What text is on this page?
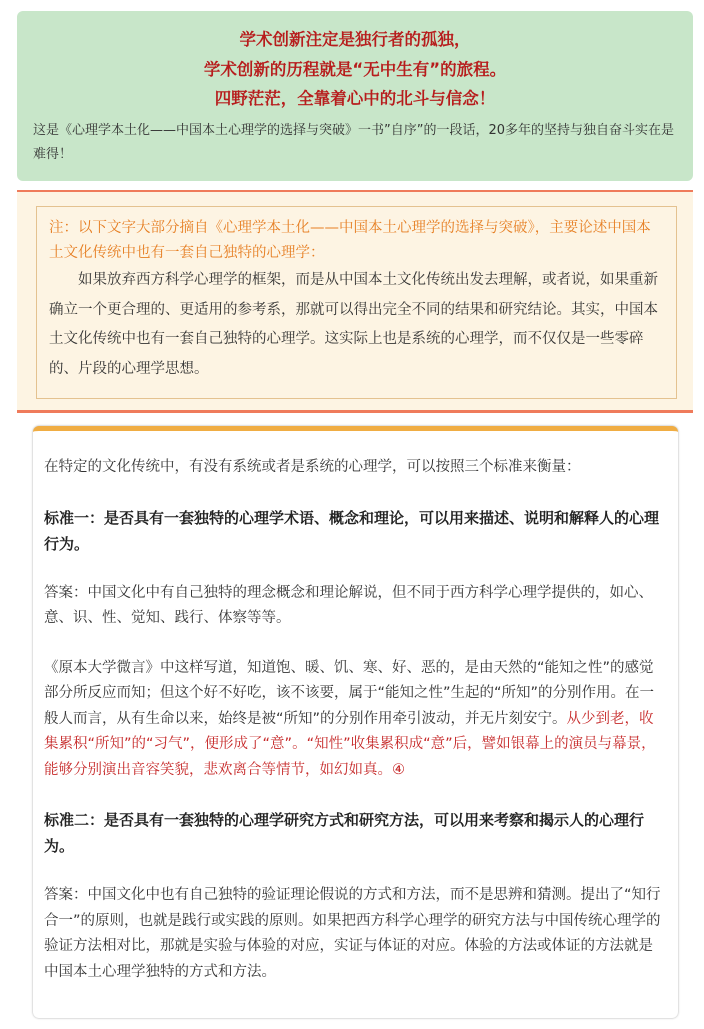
学术创新注定是独行者的孤独，

学术创新的历程就是“无中生有”的旅程。

四野茫茫，全靠着心中的北斗与信念！

这是《心理学本土化——中国本土心理学的选择与突破》一书”自序”的一段话，20多年的坚持与独自奋斗实在是难得！

注：以下文字大部分摘自《心理学本土化——中国本土心理学的选择与突破》，主要论述中国本土文化传统中也有一套自己独特的心理学：

如果放弃西方科学心理学的框架，而是从中国本土文化传统出发去理解，或者说，如果重新确立一个更合理的、更适用的参考系，那就可以得出完全不同的结果和研究结论。其实，中国本土文化传统中也有一套自己独特的心理学。这实际上也是系统的心理学，而不仅仅是一些零碎的、片段的心理学思想。

在特定的文化传统中，有没有系统或者是系统的心理学，可以按照三个标准来衡量：

标准一：是否具有一套独特的心理学术语、概念和理论，可以用来描述、说明和解释人的心理行为。

答案：中国文化中有自己独特的理念概念和理论解说，但不同于西方科学心理学提供的，如心、意、识、性、觉知、践行、体察等等。

《原本大学微言》中这样写道，知道饱、暖、饥、寒、好、恶的，是由天然的“能知之性”的感觉部分所反应而知；但这个好不好吃，该不该要，属于“能知之性”生起的“所知”的分别作用。在一般人而言，从有生命以来，始终是被“所知”的分别作用牵引波动，并无片刻安宁。从少到老，收集累积“所知”的“习气”，便形成了“意”。“知性”收集累积成“意”后，譬如银幕上的演员与幕景，能够分别演出音容笑貌，悲欢离合等情节，如幻如真。④

标准二：是否具有一套独特的心理学研究方式和研究方法，可以用来考察和揭示人的心理行为。

答案：中国文化中也有自己独特的验证理论假说的方式和方法，而不是思辨和猜测。提出了“知行合一”的原则，也就是践行或实践的原则。如果把西方科学心理学的研究方法与中国传统心理学的验证方法相对比，那就是实验与体验的对应，实证与体证的对应。体验的方法或体证的方法就是中国本土心理学独特的方式和方法。
